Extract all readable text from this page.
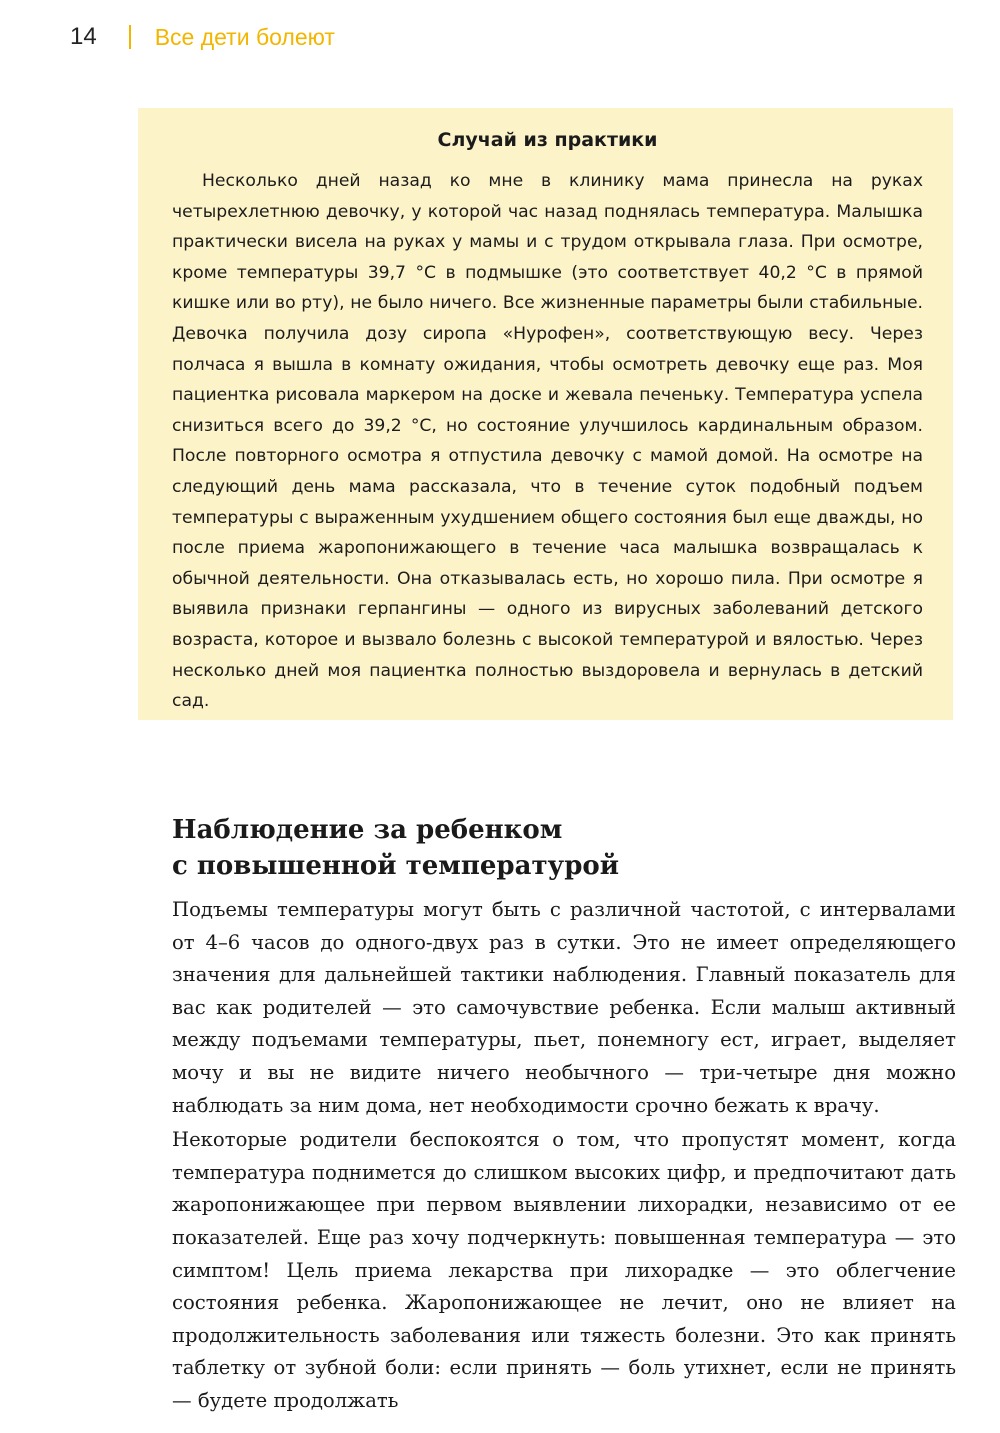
14	Все дети болеют
Случай из практики

Несколько дней назад ко мне в клинику мама принесла на руках четырехлетнюю девочку, у которой час назад поднялась температура. Малышка практически висела на руках у мамы и с трудом открывала глаза. При осмотре, кроме температуры 39,7 °С в подмышке (это соответствует 40,2 °С в прямой кишке или во рту), не было ничего. Все жизненные параметры были стабильные. Девочка получила дозу сиропа «Нурофен», соответствующую весу. Через полчаса я вышла в комнату ожидания, чтобы осмотреть девочку еще раз. Моя пациентка рисовала маркером на доске и жевала печеньку. Температура успела снизиться всего до 39,2 °С, но состояние улучшилось кардинальным образом. После повторного осмотра я отпустила девочку с мамой домой. На осмотре на следующий день мама рассказала, что в течение суток подобный подъем температуры с выраженным ухудшением общего состояния был еще дважды, но после приема жаропонижающего в течение часа малышка возвращалась к обычной деятельности. Она отказывалась есть, но хорошо пила. При осмотре я выявила признаки герпангины — одного из вирусных заболеваний детского возраста, которое и вызвало болезнь с высокой температурой и вялостью. Через несколько дней моя пациентка полностью выздоровела и вернулась в детский сад.

Наблюдение за ребенком
с повышенной температурой

Подъемы температуры могут быть с различной частотой, с интервалами от 4–6 часов до одного-двух раз в сутки. Это не имеет определяющего значения для дальнейшей тактики наблюдения. Главный показатель для вас как родителей — это самочувствие ребенка. Если малыш активный между подъемами температуры, пьет, понемногу ест, играет, выделяет мочу и вы не видите ничего необычного — три-четыре дня можно наблюдать за ним дома, нет необходимости срочно бежать к врачу.

Некоторые родители беспокоятся о том, что пропустят момент, когда температура поднимется до слишком высоких цифр, и предпочитают дать жаропонижающее при первом выявлении лихорадки, независимо от ее показателей. Еще раз хочу подчеркнуть: повышенная температура — это симптом! Цель приема лекарства при лихорадке — это облегчение состояния ребенка. Жаропонижающее не лечит, оно не влияет на продолжительность заболевания или тяжесть болезни. Это как принять таблетку от зубной боли: если принять — боль утихнет, если не принять — будете продолжать
